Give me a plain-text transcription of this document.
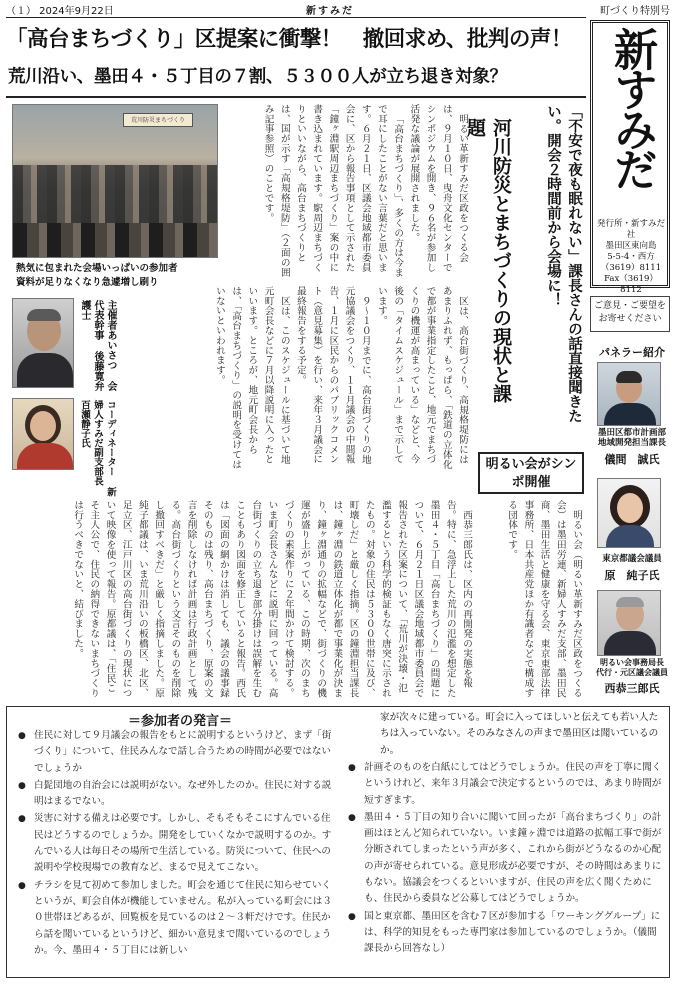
（１） 2024年9月22日	新すみだ	町づくり特別号
「高台まちづくり」区提案に衝撃！　撤回求め、批判の声！
荒川沿い、墨田４・５丁目の７割、５３００人が立ち退き対象？	新すみだ
発行所・新すみだ社
墨田区東向島
5-5-4・西方
（3619）8111
Fax（3619）8112
ご意見・ご要望をお寄せください
パネラー紹介
墨田区都市計画部
地域開発担当課長
儀間　誠氏
東京都議会議員
原　純子氏
明るい会事務局長
代行・元区議会議員
西恭三郎氏
「不安で夜も眠れない」課長さんの話直接聞きたい。開会２時間前から会場に！
河川防災とまちづくりの現状と課題
荒川防災まちづくり
熱気に包まれた会場いっぱいの参加者
資料が足りなくなり急遽増し刷り
主催者あいさつ 会代表幹事 後藤寛弁護士
コーディネーター 新婦人すみだ副支部長 百瀬静子氏

明るい革新すみだ区政をつくる会は、９月１０日、曳舟文化センターでシンポジウムを開き、９６名が参加し活発な議論が展開されました。

「高台まちづくり」、多くの方は今まで耳にしたことがない言葉だと思います。６月２１日、区議会地域都市委員会に、区から報告事項として示された「鐘ヶ淵駅周辺まちづくり」案の中に書き込まれています。駅周辺まちづくりといいながら、高台まちづくりとは、国が示す「高規格堤防」（２面の囲み記事参照）のことです。

区は、高台街づくり、高規格堤防にはあまりふれず、もっぱら、「鉄道の立体化で都が事業指定したこと、地元でまちづくりの機運が高まっている」などと、今後の「タイムスケジュール」まで示しています。

９～１０月までに、高台街づくりの地元協議会をつくり、１１月議会の中間報告、１月に区民からのパブリックコメント（意見募集）を行い、来年３月議会に最終報告をする予定。

区は、このスケジュールに基づいて地元町会長などに７月以降説明に入ったといいます。ところが、地元町会長からは、「高台まちづくり」の説明を受けてはいないといわれます。

明るい会がシンポ開催

明るい会（明るい革新すみだ区政をつくる会）は墨田労連、新婦人すみだ支部、墨田民商、墨田生活と健康を守る会、東京東部法律事務所、日本共産党ほか有識者などで構成する団体です。

西恭三郎氏は、区内の再開発の実態を報告。特に、急浮上した荒川の氾濫を想定した墨田４・５丁目「高台まちづくり」の問題について、６月２１日区議会地域都市委員会で報告された区案について、「荒川が決壊・氾濫するという科学的検証もなく唐突に示されたもの。対象の住民は５３００世帯に及び、町壊しだ」と厳しく指摘。区の鐘淵担当課長は、鐘ヶ淵の鉄道立体化が都で事業化が決まり、鐘ヶ淵通りの拡幅などで、街づくりの機運が盛り上がっている、この時期、次のまちづくりの素案作りに２年間かけて検討する。いま町会長さんなどに説明に回っている。高台街づくりの立ち退き部分掛けは誤解を生むこともあり図面を修正していると報告。西氏は「図面の網かけは消しても、議会の議事録そのものは残り、高台まちづくり、原案の文言を削除しなければ計画は行政計画として残る。高台街づくりという文言そのものを削除し撤回すべきだ」と厳しく指摘しました。原純子都議は、いま荒川沿いの板橋区、北区、足立区、江戸川区の高台街づくりの現状について映像を使って報告。原都議は、「住民こそ主人公で、住民の納得できないまちづくりは行うべきでないと、結びました。

＝参加者の発言＝
● 住民に対して９月議会の報告をもとに説明するというけど、まず「街づくり」について、住民みんなで話し合うための時間が必要ではないでしょうか
● 白髭団地の自治会には説明がない。なぜ外したのか。住民に対する説明はまるでない。
● 災害に対する備えは必要です。しかし、そもそもそこにすんでいる住民はどうするのでしょうか。開発をしていくなかで説明するのか。すんでいる人は毎日その場所で生活している。防災について、住民への説明や学校現場での教育など、まるで見えてこない。
● チラシを見て初めて参加しました。町会を通じて住民に知らせていくというが、町会自体が機能していません。私が入っている町会には３０世帯ほどあるが、回覧板を見ているのは２～３軒だけです。住民から話を聞いているというけど、細かい意見まで聞いているのでしょうか。今、墨田４・５丁目には新しい
家が次々に建っている。町会に入ってほしいと伝えても若い人たちは入っていない。そのみなさんの声まで墨田区は聞いているのか。
● 計画そのものを白紙にしてはどうでしょうか。住民の声を丁寧に聞くというけれど、来年３月議会で決定するというのでは、あまり時間が短すぎます。
● 墨田４・５丁目の知り合いに聞いて回ったが「高台まちづくり」の計画はほとんど知られていない。いま鐘ヶ淵では道路の拡幅工事で街が分断されてしまったという声が多く、これから街がどうなるのか心配の声が寄せられている。意見形成が必要ですが、その時間はあまりにもない。協議会をつくるといいますが、住民の声を広く聞くためにも、住民から委員など公募してはどうでしょうか。
● 国と東京都、墨田区を含む７区が参加する「ワーキンググループ」には、科学的知見をもった専門家は参加しているのでしょうか。（儀間課長から回答なし）
